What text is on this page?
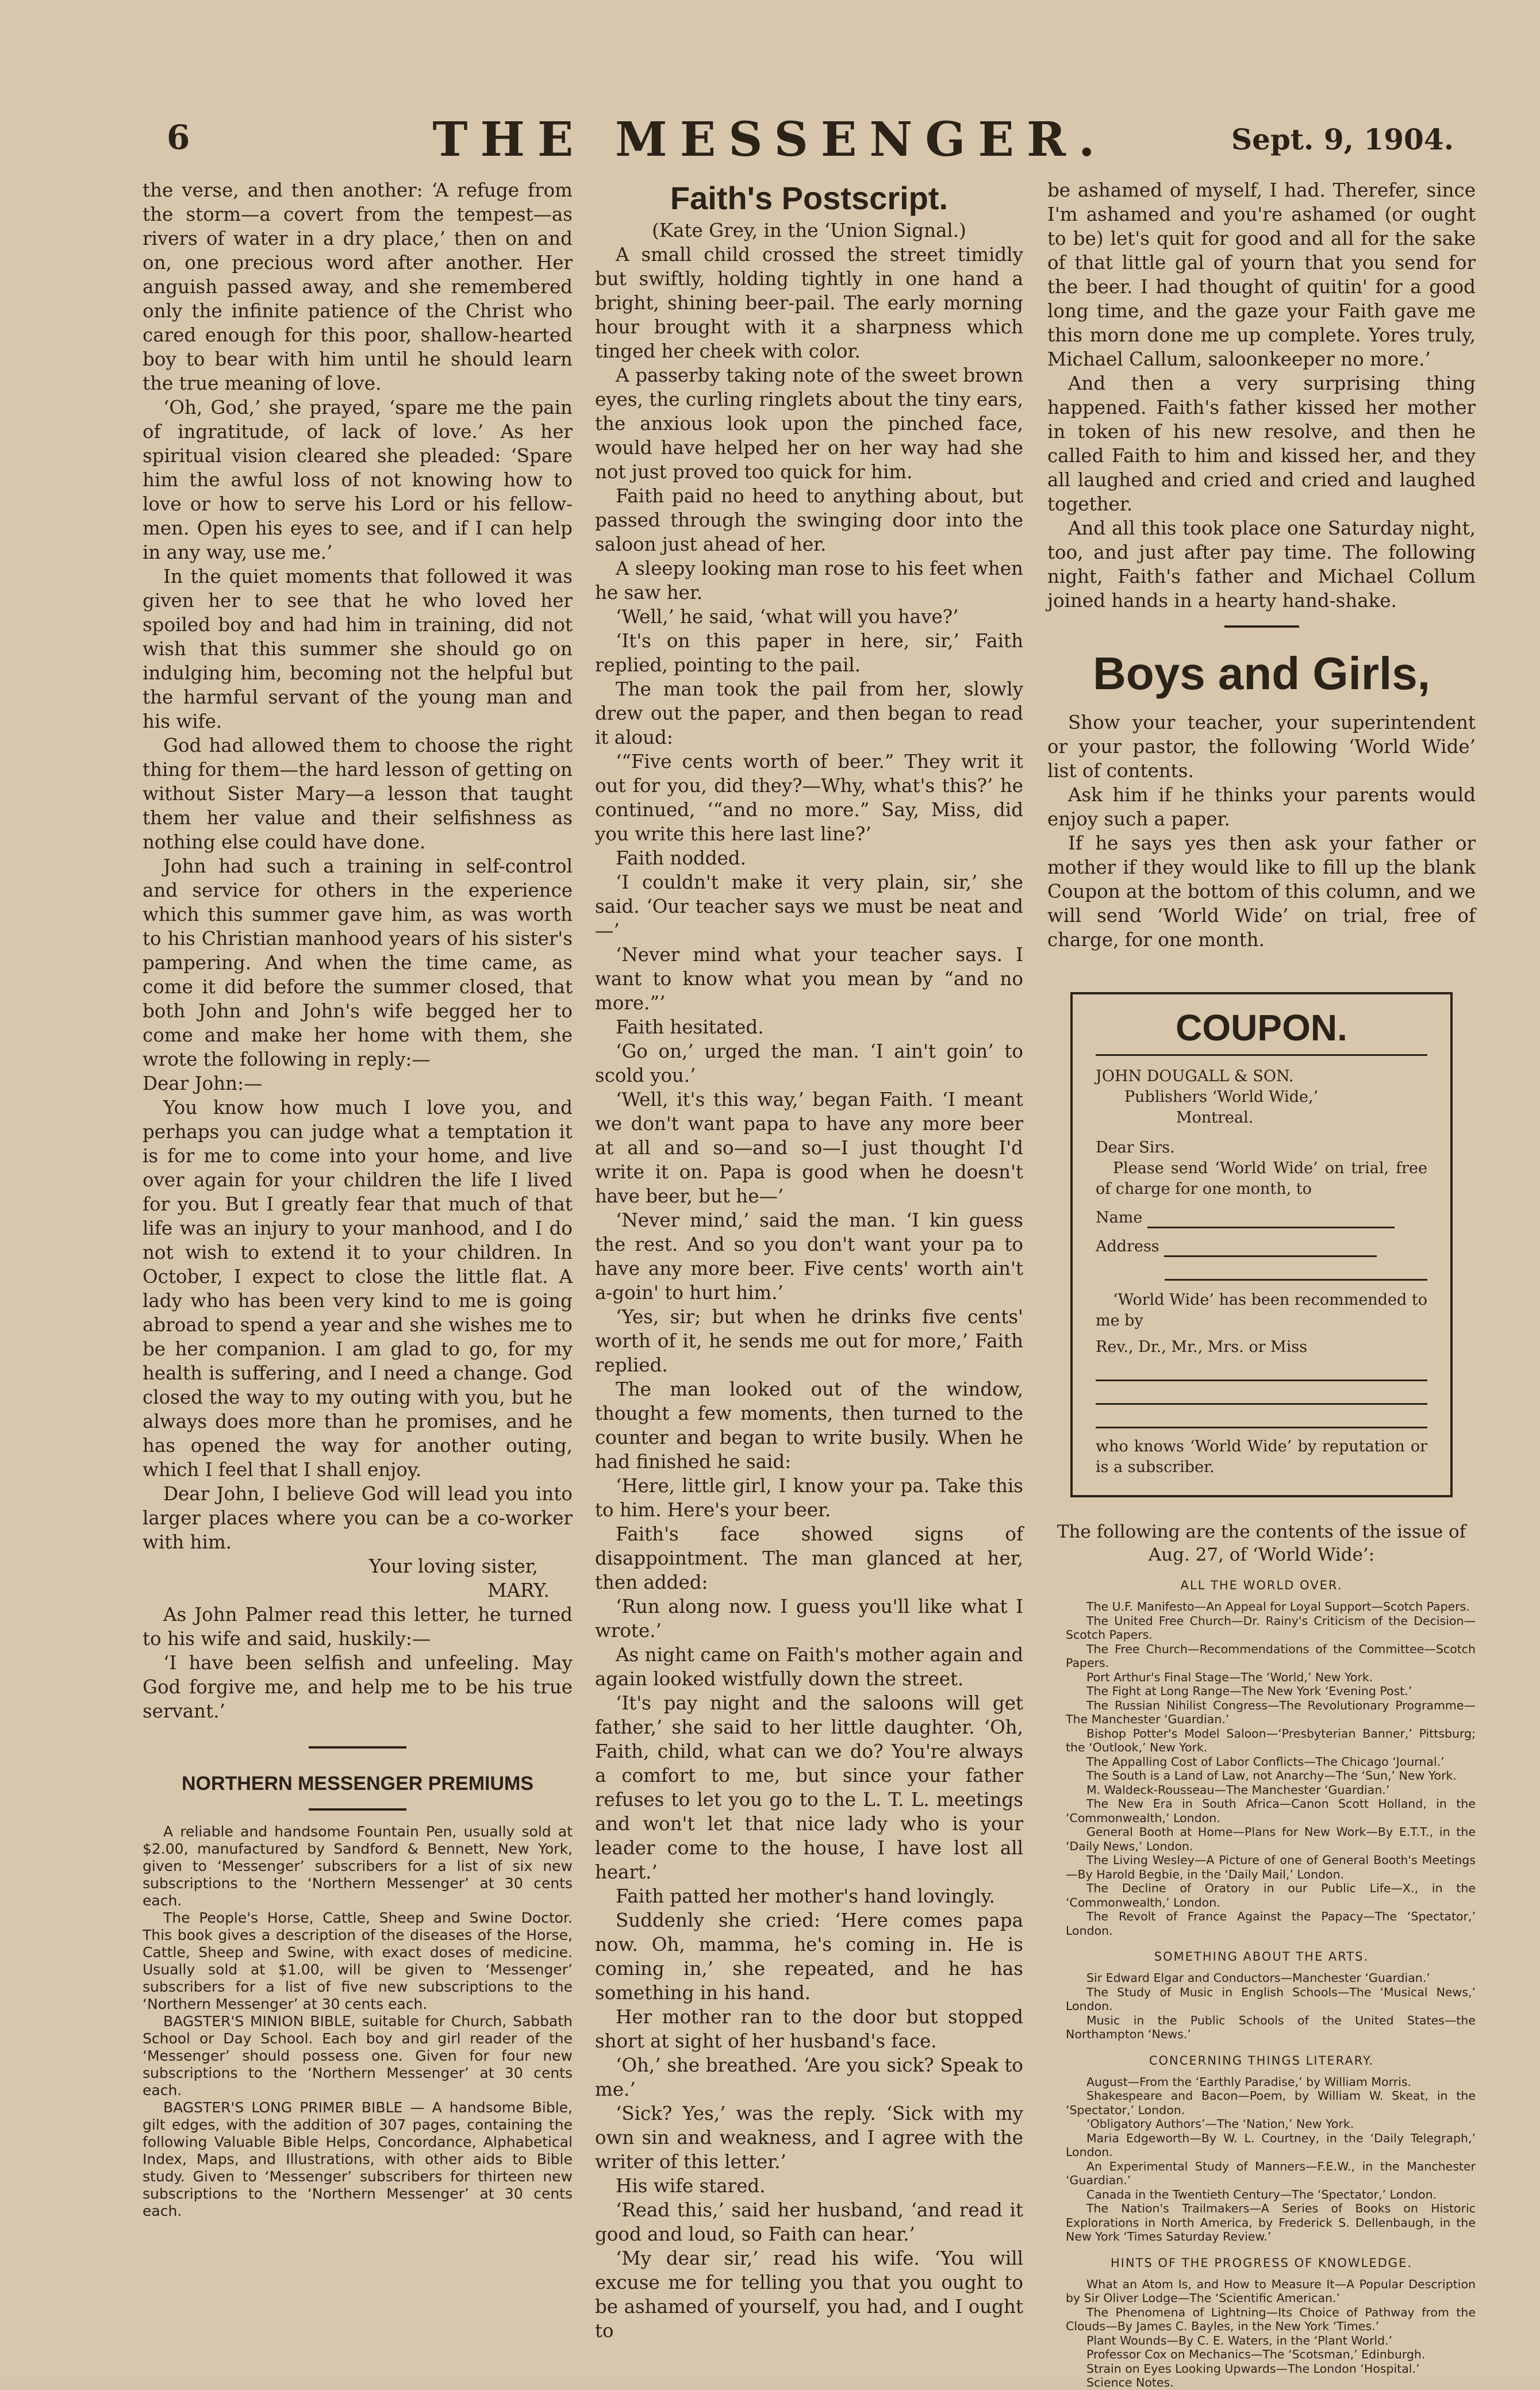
6	THE MESSENGER.	Sept. 9, 1904.

the verse, and then another: ‘A refuge from the storm—a covert from the tempest—as rivers of water in a dry place,’ then on and on, one precious word after another. Her anguish passed away, and she remembered only the infinite patience of the Christ who cared enough for this poor, shallow-hearted boy to bear with him until he should learn the true meaning of love.

‘Oh, God,’ she prayed, ‘spare me the pain of ingratitude, of lack of love.’ As her spiritual vision cleared she pleaded: ‘Spare him the awful loss of not knowing how to love or how to serve his Lord or his fellow-men. Open his eyes to see, and if I can help in any way, use me.’

In the quiet moments that followed it was given her to see that he who loved her spoiled boy and had him in training, did not wish that this summer she should go on indulging him, becoming not the helpful but the harmful servant of the young man and his wife.

God had allowed them to choose the right thing for them—the hard lesson of getting on without Sister Mary—a lesson that taught them her value and their selfishness as nothing else could have done.

John had such a training in self-control and service for others in the experience which this summer gave him, as was worth to his Christian manhood years of his sister's pampering. And when the time came, as come it did before the summer closed, that both John and John's wife begged her to come and make her home with them, she wrote the following in reply:—

Dear John:—

You know how much I love you, and perhaps you can judge what a temptation it is for me to come into your home, and live over again for your children the life I lived for you. But I greatly fear that much of that life was an injury to your manhood, and I do not wish to extend it to your children. In October, I expect to close the little flat. A lady who has been very kind to me is going abroad to spend a year and she wishes me to be her companion. I am glad to go, for my health is suffering, and I need a change. God closed the way to my outing with you, but he always does more than he promises, and he has opened the way for another outing, which I feel that I shall enjoy.

Dear John, I believe God will lead you into larger places where you can be a co-worker with him.

Your loving sister,

MARY.

As John Palmer read this letter, he turned to his wife and said, huskily:—

‘I have been selfish and unfeeling. May God forgive me, and help me to be his true servant.’

NORTHERN MESSENGER PREMIUMS

A reliable and handsome Fountain Pen, usually sold at $2.00, manufactured by Sandford & Bennett, New York, given to ‘Messenger’ subscribers for a list of six new subscriptions to the ‘Northern Messenger’ at 30 cents each.

The People's Horse, Cattle, Sheep and Swine Doctor. This book gives a description of the diseases of the Horse, Cattle, Sheep and Swine, with exact doses of medicine. Usually sold at $1.00, will be given to ‘Messenger’ subscribers for a list of five new subscriptions to the ‘Northern Messenger’ at 30 cents each.

BAGSTER'S MINION BIBLE, suitable for Church, Sabbath School or Day School. Each boy and girl reader of the ‘Messenger’ should possess one. Given for four new subscriptions to the ‘Northern Messenger’ at 30 cents each.

BAGSTER'S LONG PRIMER BIBLE — A handsome Bible, gilt edges, with the addition of 307 pages, containing the following Valuable Bible Helps, Concordance, Alphabetical Index, Maps, and Illustrations, with other aids to Bible study. Given to ‘Messenger’ subscribers for thirteen new subscriptions to the ‘Northern Messenger’ at 30 cents each.

Faith's Postscript.

(Kate Grey, in the ‘Union Signal.)

A small child crossed the street timidly but swiftly, holding tightly in one hand a bright, shining beer-pail. The early morning hour brought with it a sharpness which tinged her cheek with color.

A passerby taking note of the sweet brown eyes, the curling ringlets about the tiny ears, the anxious look upon the pinched face, would have helped her on her way had she not just proved too quick for him.

Faith paid no heed to anything about, but passed through the swinging door into the saloon just ahead of her.

A sleepy looking man rose to his feet when he saw her.

‘Well,’ he said, ‘what will you have?’

‘It's on this paper in here, sir,’ Faith replied, pointing to the pail.

The man took the pail from her, slowly drew out the paper, and then began to read it aloud:

‘“Five cents worth of beer.” They writ it out for you, did they?—Why, what's this?’ he continued, ‘“and no more.” Say, Miss, did you write this here last line?’

Faith nodded.

‘I couldn't make it very plain, sir,’ she said. ‘Our teacher says we must be neat and—’

‘Never mind what your teacher says. I want to know what you mean by “and no more.”’

Faith hesitated.

‘Go on,’ urged the man. ‘I ain't goin’ to scold you.’

‘Well, it's this way,’ began Faith. ‘I meant we don't want papa to have any more beer at all and so—and so—I just thought I'd write it on. Papa is good when he doesn't have beer, but he—’

‘Never mind,’ said the man. ‘I kin guess the rest. And so you don't want your pa to have any more beer. Five cents' worth ain't a-goin' to hurt him.’

‘Yes, sir; but when he drinks five cents' worth of it, he sends me out for more,’ Faith replied.

The man looked out of the window, thought a few moments, then turned to the counter and began to write busily. When he had finished he said:

‘Here, little girl, I know your pa. Take this to him. Here's your beer.

Faith's face showed signs of disappointment. The man glanced at her, then added:

‘Run along now. I guess you'll like what I wrote.’

As night came on Faith's mother again and again looked wistfully down the street.

‘It's pay night and the saloons will get father,’ she said to her little daughter. ‘Oh, Faith, child, what can we do? You're always a comfort to me, but since your father refuses to let you go to the L. T. L. meetings and won't let that nice lady who is your leader come to the house, I have lost all heart.’

Faith patted her mother's hand lovingly.

Suddenly she cried: ‘Here comes papa now. Oh, mamma, he's coming in. He is coming in,’ she repeated, and he has something in his hand.

Her mother ran to the door but stopped short at sight of her husband's face.

‘Oh,’ she breathed. ‘Are you sick? Speak to me.’

‘Sick? Yes,’ was the reply. ‘Sick with my own sin and weakness, and I agree with the writer of this letter.’

His wife stared.

‘Read this,’ said her husband, ‘and read it good and loud, so Faith can hear.’

‘My dear sir,’ read his wife. ‘You will excuse me for telling you that you ought to be ashamed of yourself, you had, and I ought to

be ashamed of myself, I had. Therefer, since I'm ashamed and you're ashamed (or ought to be) let's quit for good and all for the sake of that little gal of yourn that you send for the beer. I had thought of quitin' for a good long time, and the gaze your Faith gave me this morn done me up complete. Yores truly, Michael Callum, saloonkeeper no more.’

And then a very surprising thing happened. Faith's father kissed her mother in token of his new resolve, and then he called Faith to him and kissed her, and they all laughed and cried and cried and laughed together.

And all this took place one Saturday night, too, and just after pay time. The following night, Faith's father and Michael Collum joined hands in a hearty hand-shake.

Boys and Girls,

Show your teacher, your superintendent or your pastor, the following ‘World Wide’ list of contents.

Ask him if he thinks your parents would enjoy such a paper.

If he says yes then ask your father or mother if they would like to fill up the blank Coupon at the bottom of this column, and we will send ‘World Wide’ on trial, free of charge, for one month.

COUPON.
JOHN DOUGALL & SON.
Publishers ‘World Wide,’
Montreal.
Dear Sirs.
Please send ‘World Wide’ on trial, free of charge for one month, to
Name
Address
‘World Wide’ has been recommended to me by
Rev., Dr., Mr., Mrs. or Miss
who knows ‘World Wide’ by reputation or is a subscriber.

The following are the contents of the issue of Aug. 27, of ‘World Wide’:

ALL THE WORLD OVER.

The U.F. Manifesto—An Appeal for Loyal Support—Scotch Papers.

The United Free Church—Dr. Rainy's Criticism of the Decision—Scotch Papers.

The Free Church—Recommendations of the Committee—Scotch Papers.

Port Arthur's Final Stage—The ‘World,’ New York.

The Fight at Long Range—The New York ‘Evening Post.’

The Russian Nihilist Congress—The Revolutionary Programme—The Manchester ‘Guardian.’

Bishop Potter's Model Saloon—‘Presbyterian Banner,’ Pittsburg; the ‘Outlook,’ New York.

The Appalling Cost of Labor Conflicts—The Chicago ‘Journal.’

The South is a Land of Law, not Anarchy—The ‘Sun,’ New York.

M. Waldeck-Rousseau—The Manchester ‘Guardian.’

The New Era in South Africa—Canon Scott Holland, in the ‘Commonwealth,’ London.

General Booth at Home—Plans for New Work—By E.T.T., in the ‘Daily News,’ London.

The Living Wesley—A Picture of one of General Booth's Meetings—By Harold Begbie, in the ‘Daily Mail,’ London.

The Decline of Oratory in our Public Life—X., in the ‘Commonwealth,’ London.

The Revolt of France Against the Papacy—The ‘Spectator,’ London.

SOMETHING ABOUT THE ARTS.

Sir Edward Elgar and Conductors—Manchester ‘Guardian.’

The Study of Music in English Schools—The ‘Musical News,’ London.

Music in the Public Schools of the United States—the Northampton ‘News.’

CONCERNING THINGS LITERARY.

August—From the ‘Earthly Paradise,’ by William Morris.

Shakespeare and Bacon—Poem, by William W. Skeat, in the ‘Spectator,’ London.

‘Obligatory Authors’—The ‘Nation,’ New York.

Maria Edgeworth—By W. L. Courtney, in the ‘Daily Telegraph,’ London.

An Experimental Study of Manners—F.E.W., in the Manchester ‘Guardian.’

Canada in the Twentieth Century—The ‘Spectator,’ London.

The Nation's Trailmakers—A Series of Books on Historic Explorations in North America, by Frederick S. Dellenbaugh, in the New York ‘Times Saturday Review.’

HINTS OF THE PROGRESS OF KNOWLEDGE.

What an Atom Is, and How to Measure It—A Popular Description by Sir Oliver Lodge—The ‘Scientific American.’

The Phenomena of Lightning—Its Choice of Pathway from the Clouds—By James C. Bayles, in the New York ‘Times.’

Plant Wounds—By C. E. Waters, in the ‘Plant World.’

Professor Cox on Mechanics—The ‘Scotsman,’ Edinburgh.

Strain on Eyes Looking Upwards—The London ‘Hospital.’

Science Notes.
